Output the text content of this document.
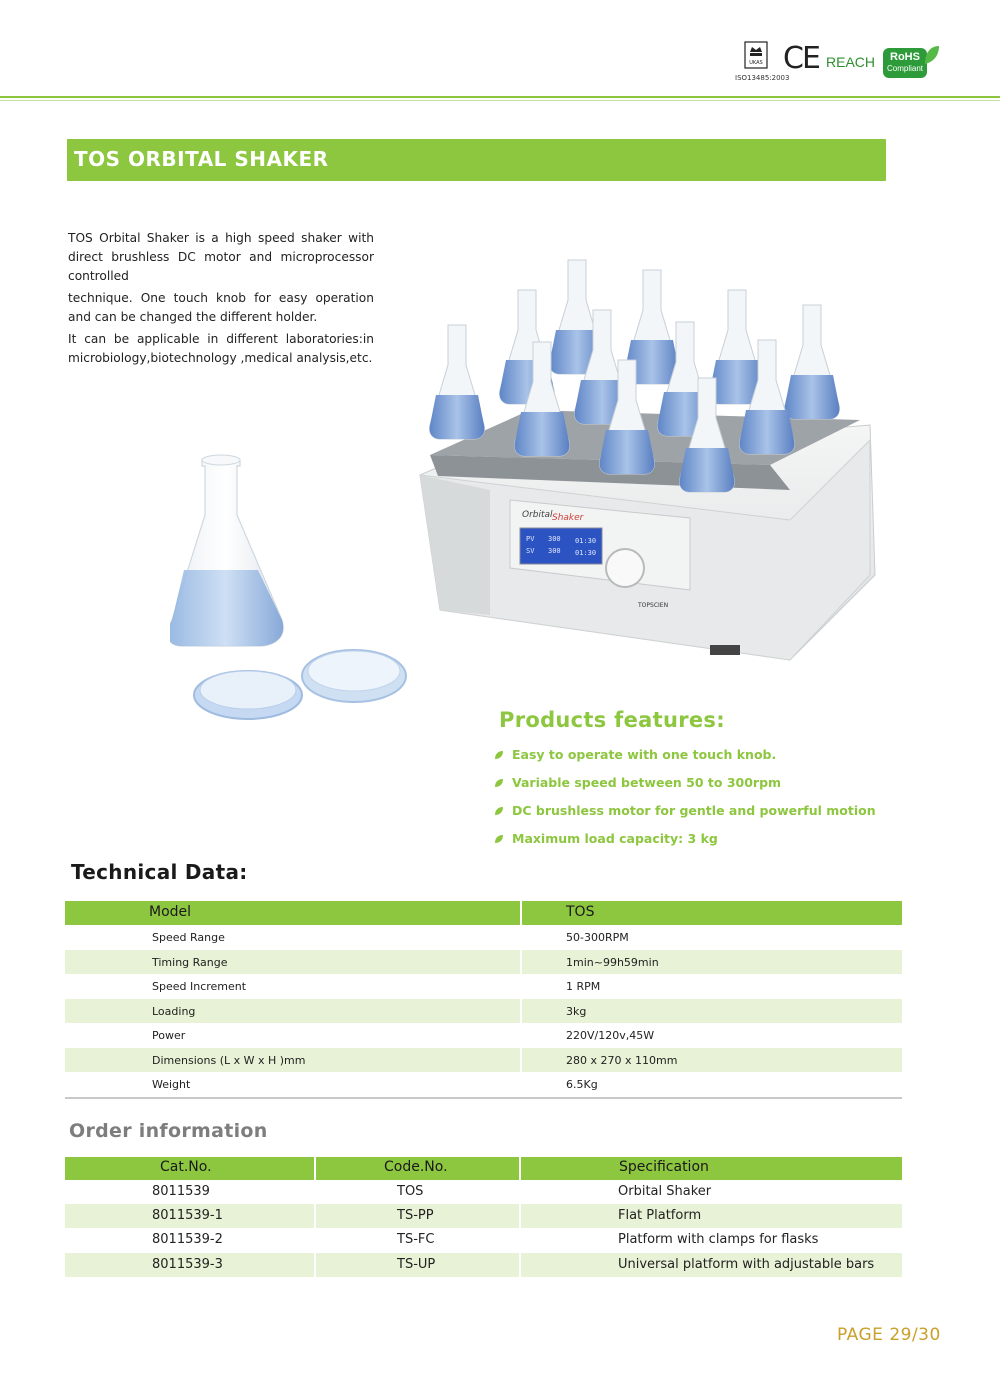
UKAS
ISO13485:2003
CE REACH	RoHS
Compliant
TOS ORBITAL SHAKER

TOS Orbital Shaker is a high speed shaker with direct brushless DC motor and microprocessor controlled

technique. One touch knob for easy operation and can be changed the different holder.

It can be applicable in different laboratories:in microbiology,biotechnology ,medical analysis,etc.

Orbital Shaker
PV 300 01:30
SV 300 01:30
TOPSCIEN
Products features:
Easy to operate with one touch knob.
Variable speed between 50 to 300rpm
DC brushless motor for gentle and powerful motion
Maximum load capacity: 3 kg
Technical Data:
Model	TOS
Speed Range	50-300RPM
Timing Range	1min~99h59min
Speed Increment	1 RPM
Loading	3kg
Power	220V/120v,45W
Dimensions (L x W x H )mm	280 x 270 x 110mm
Weight	6.5Kg
Order information
Cat.No.	Code.No.	Specification
8011539	TOS	Orbital Shaker
8011539-1	TS-PP	Flat Platform
8011539-2	TS-FC	Platform with clamps for flasks
8011539-3	TS-UP	Universal platform with adjustable bars
PAGE 29/30
